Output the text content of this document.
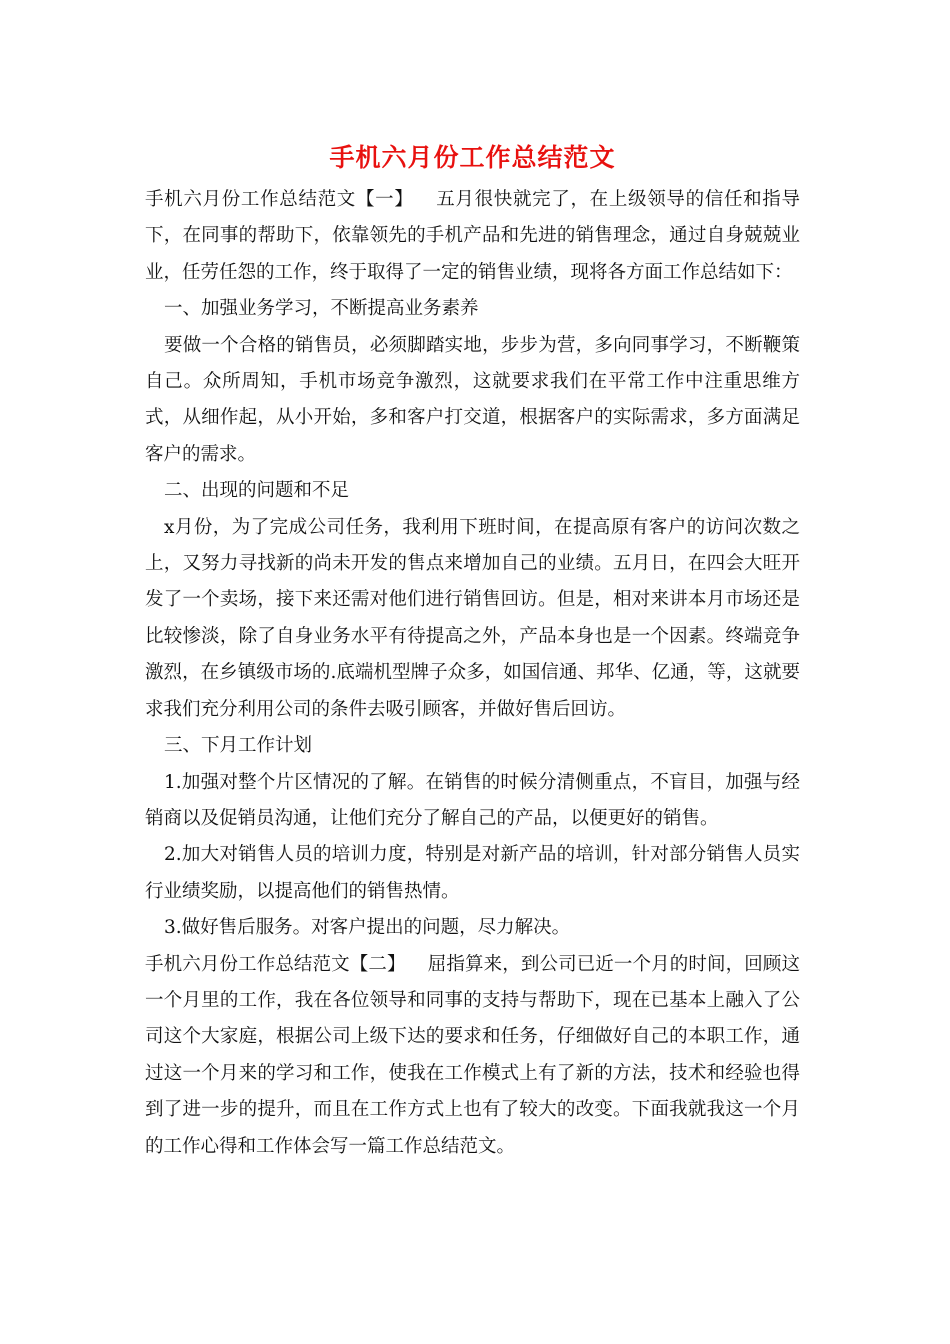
手机六月份工作总结范文

手机六月份工作总结范文【一】 五月很快就完了，在上级领导的信任和指导下，在同事的帮助下，依靠领先的手机产品和先进的销售理念，通过自身兢兢业业，任劳任怨的工作，终于取得了一定的销售业绩，现将各方面工作总结如下：

一、加强业务学习，不断提高业务素养

要做一个合格的销售员，必须脚踏实地，步步为营，多向同事学习，不断鞭策自己。众所周知，手机市场竞争激烈，这就要求我们在平常工作中注重思维方式，从细作起，从小开始，多和客户打交道，根据客户的实际需求，多方面满足客户的需求。

二、出现的问题和不足

x月份，为了完成公司任务，我利用下班时间，在提高原有客户的访问次数之上，又努力寻找新的尚未开发的售点来增加自己的业绩。五月日，在四会大旺开发了一个卖场，接下来还需对他们进行销售回访。但是，相对来讲本月市场还是比较惨淡，除了自身业务水平有待提高之外，产品本身也是一个因素。终端竞争激烈，在乡镇级市场的.底端机型牌子众多，如国信通、邦华、亿通，等，这就要求我们充分利用公司的条件去吸引顾客，并做好售后回访。

三、下月工作计划

1.加强对整个片区情况的了解。在销售的时候分清侧重点，不盲目，加强与经销商以及促销员沟通，让他们充分了解自己的产品，以便更好的销售。

2.加大对销售人员的培训力度，特别是对新产品的培训，针对部分销售人员实行业绩奖励，以提高他们的销售热情。

3.做好售后服务。对客户提出的问题，尽力解决。

手机六月份工作总结范文【二】 屈指算来，到公司已近一个月的时间，回顾这一个月里的工作，我在各位领导和同事的支持与帮助下，现在已基本上融入了公司这个大家庭，根据公司上级下达的要求和任务，仔细做好自己的本职工作，通过这一个月来的学习和工作，使我在工作模式上有了新的方法，技术和经验也得到了进一步的提升，而且在工作方式上也有了较大的改变。下面我就我这一个月的工作心得和工作体会写一篇工作总结范文。
